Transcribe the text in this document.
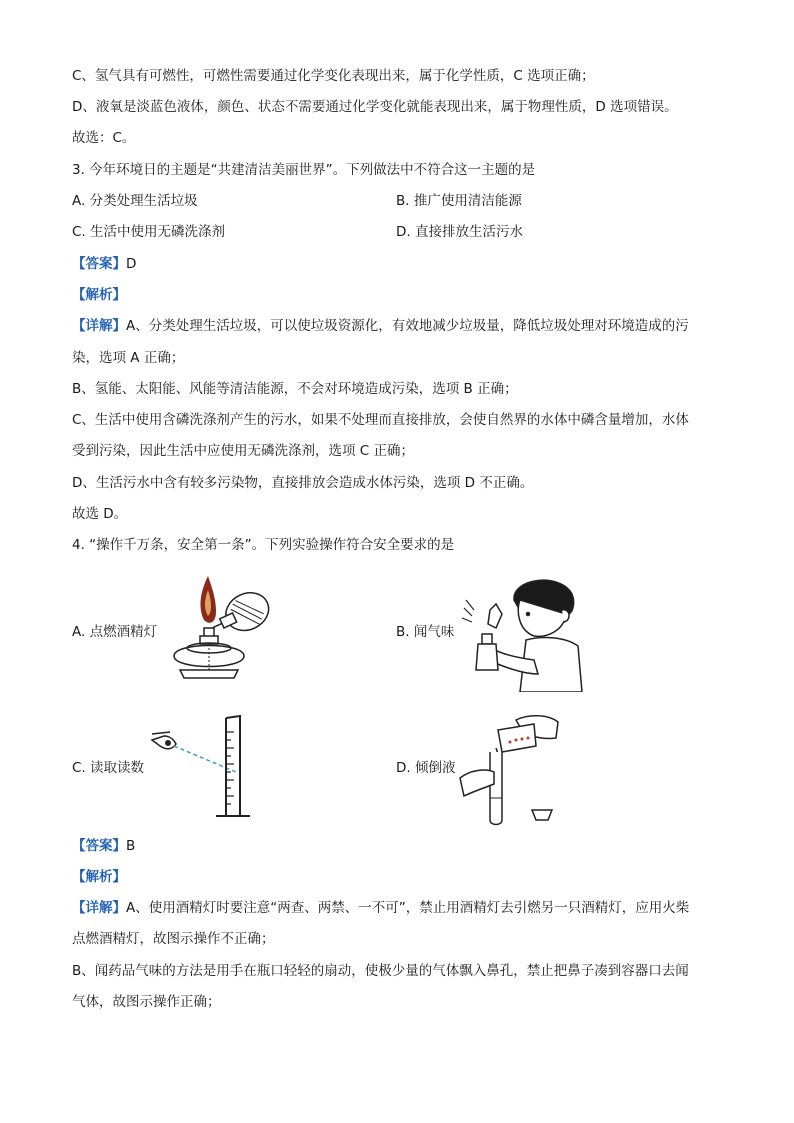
C、氢气具有可燃性，可燃性需要通过化学变化表现出来，属于化学性质，C 选项正确；
D、液氧是淡蓝色液体，颜色、状态不需要通过化学变化就能表现出来，属于物理性质，D 选项错误。
故选：C。
3. 今年环境日的主题是“共建清洁美丽世界”。下列做法中不符合这一主题的是
A. 分类处理生活垃圾	B. 推广使用清洁能源
C. 生活中使用无磷洗涤剂	D. 直接排放生活污水
【答案】D
【解析】
【详解】A、分类处理生活垃圾，可以使垃圾资源化，有效地减少垃圾量，降低垃圾处理对环境造成的污
染，选项 A 正确；
B、氢能、太阳能、风能等清洁能源，不会对环境造成污染，选项 B 正确；
C、生活中使用含磷洗涤剂产生的污水，如果不处理而直接排放，会使自然界的水体中磷含量增加，水体
受到污染，因此生活中应使用无磷洗涤剂，选项 C 正确；
D、生活污水中含有较多污染物，直接排放会造成水体污染，选项 D 不正确。
故选 D。
4. “操作千万条，安全第一条”。下列实验操作符合安全要求的是
A. 点燃酒精灯	B. 闻气味
C. 读取读数	D. 倾倒液
【答案】B
【解析】
【详解】A、使用酒精灯时要注意“两查、两禁、一不可”，禁止用酒精灯去引燃另一只酒精灯，应用火柴
点燃酒精灯，故图示操作不正确；
B、闻药品气味的方法是用手在瓶口轻轻的扇动，使极少量的气体飘入鼻孔，禁止把鼻子凑到容器口去闻
气体，故图示操作正确；
